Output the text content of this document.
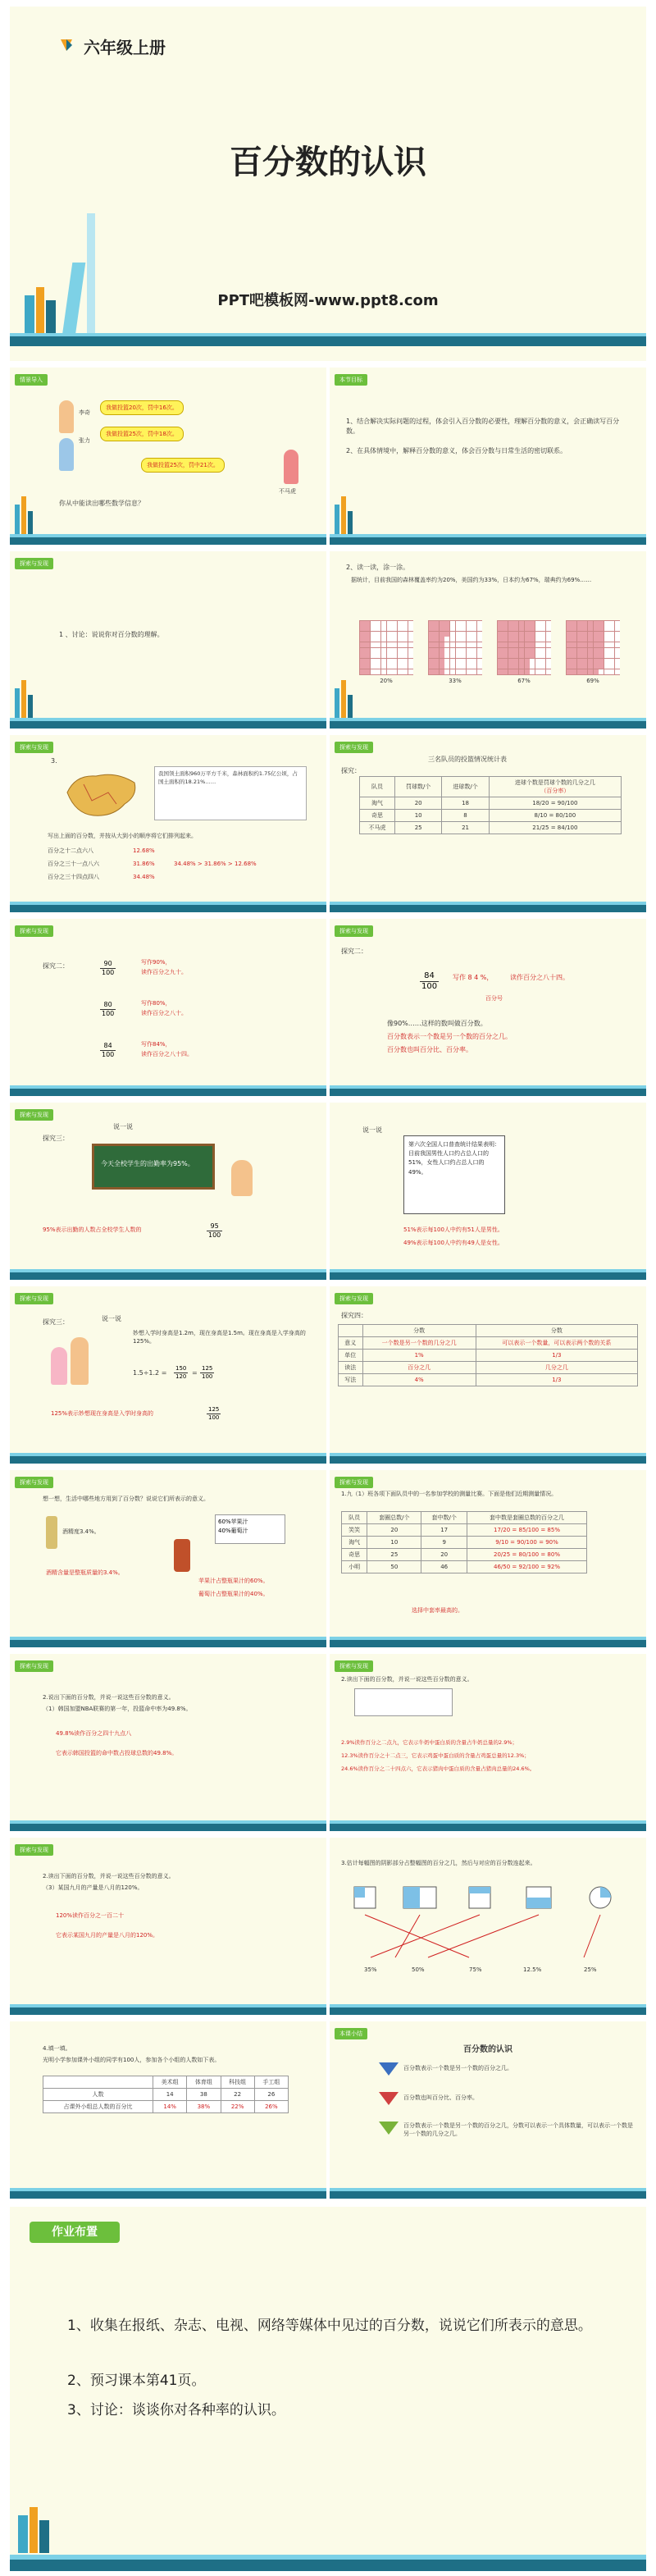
六年级上册
百分数的认识
PPT吧模板网-www.ppt8.com
情景导入
我做投篮20次，罚中16次。
我做投篮25次，罚中18次。
我做投篮25次，罚中21次。
李奇
张力
不马虎
你从中能读出哪些数学信息？
本节目标
1、结合解决实际问题的过程，体会引入百分数的必要性，理解百分数的意义，会正确读写百分数。
2、在具体情境中，解释百分数的意义，体会百分数与日常生活的密切联系。
探索与发现
1 、讨论：说说你对百分数的理解。
2、读一读，涂一涂。
据统计，目前我国的森林覆盖率约为20%，美国约为33%，日本约为67%，瑞典约为69%……
20%	33%	67%	69%
探索与发现
3.
我国领土面积960万平方千米，森林面积约1.75亿公顷，占国土面积的18.21%……
写出上面的百分数，并按从大到小的顺序将它们排列起来。
百分之十二点六八	12.68%
百分之三十一点八六	31.86%	34.48% > 31.86% > 12.68%
百分之三十四点四八	34.48%
探索与发现
探究：
三名队员的投篮情况统计表
队员	罚球数/个	进球数/个	进球个数是罚球个数的几分之几
（百分率）
淘气	20	18	18/20 = 90/100
奇思	10	8	8/10 = 80/100
不马虎	25	21	21/25 = 84/100
探索与发现
探究二：	$\frac{90}{100}$	写作90%，
读作百分之九十。
$\frac{80}{100}$	写作80%，
读作百分之八十。
$\frac{84}{100}$	写作84%，
读作百分之八十四。
探索与发现
探究二：
$\frac{84}{100}$ 写作 8 4 %，	读作百分之八十四。
百分号
像90%……这样的数叫做百分数。
百分数表示一个数是另一个数的百分之几。
百分数也叫百分比、百分率。
探索与发现
探究三：
说一说
今天全校学生的出勤率为95%。
95%表示出勤的人数占全校学生人数的	$\frac{95}{100}$
说一说
第六次全国人口普查统计结果表明：目前我国男性人口约占总人口的51%，女性人口约占总人口的49%。
51%表示每100人中约有51人是男性。
49%表示每100人中约有49人是女性。
探索与发现
探究三：	说一说
妙想入学时身高是1.2m，现在身高是1.5m。现在身高是入学身高的125%。
$1.5\div 1.2 = \frac{150}{120} = \frac{125}{100}$
125%表示妙想现在身高是入学时身高的	$\frac{125}{100}$
探索与发现
探究四：
	分数	分数
意义	一个数是另一个数的几分之几	可以表示一个数量，可以表示两个数的关系
单位	1%	1/3
读法	百分之几	几分之几
写法	4%	1/3
探索与发现
想一想，生活中哪些地方用到了百分数？说说它们所表示的意义。
酒精度3.4%。
60%苹果汁
40%葡萄汁
酒精含量是整瓶质量的3.4%。
苹果汁占整瓶果汁的60%。
葡萄汁占整瓶果汁的40%。
探索与发现
1.九（1）班各项下面队员中的一名参加学校的测量比赛。下面是他们近期测量情况。
队员	套圈总数/个	套中数/个	套中数是套圈总数的百分之几
笑笑	20	17	17/20 = 85/100 = 85%
淘气	10	9	9/10 = 90/100 = 90%
奇思	25	20	20/25 = 80/100 = 80%
小明	50	46	46/50 = 92/100 = 92%
选择中套率最高的。
探索与发现
2.说出下面的百分数，并说一说这些百分数的意义。
（1）韩国加盟NBA联赛的第一年，投篮命中率为49.8%。
49.8%读作百分之四十九点八
它表示韩国投篮的命中数占投球总数的49.8%。
探索与发现
2.读出下面的百分数，并说一说这些百分数的意义。
2.9%读作百分之二点九，它表示牛奶中蛋白质的含量占牛奶总量的2.9%；
12.3%读作百分之十二点三，它表示鸡蛋中蛋白质的含量占鸡蛋总量的12.3%；
24.6%读作百分之二十四点六，它表示猪肉中蛋白质的含量占猪肉总量的24.6%。
探索与发现
2.读出下面的百分数，并说一说这些百分数的意义。
（3）某国九月的产量是八月的120%。
120%读作百分之一百二十
它表示某国九月的产量是八月的120%。
3.估计每幅图的阴影部分占整幅图的百分之几，然后与对应的百分数连起来。
35%	50%	75%	12.5%	25%
4.填一填。
光明小学参加课外小组的同学有100人，参加各个小组的人数如下表。
	美术组	体育组	科技组	手工组
人数	14	38	22	26
占课外小组总人数的百分比	14%	38%	22%	26%
本课小结
百分数的认识
百分数表示一个数是另一个数的百分之几。
百分数也叫百分比、百分率。
百分数表示一个数是另一个数的百分之几，分数可以表示一个具体数量，可以表示一个数是另一个数的几分之几。
作业布置
1、收集在报纸、杂志、电视、网络等媒体中见过的百分数，说说它们所表示的意思。
2、预习课本第41页。
3、讨论：谈谈你对各种率的认识。
